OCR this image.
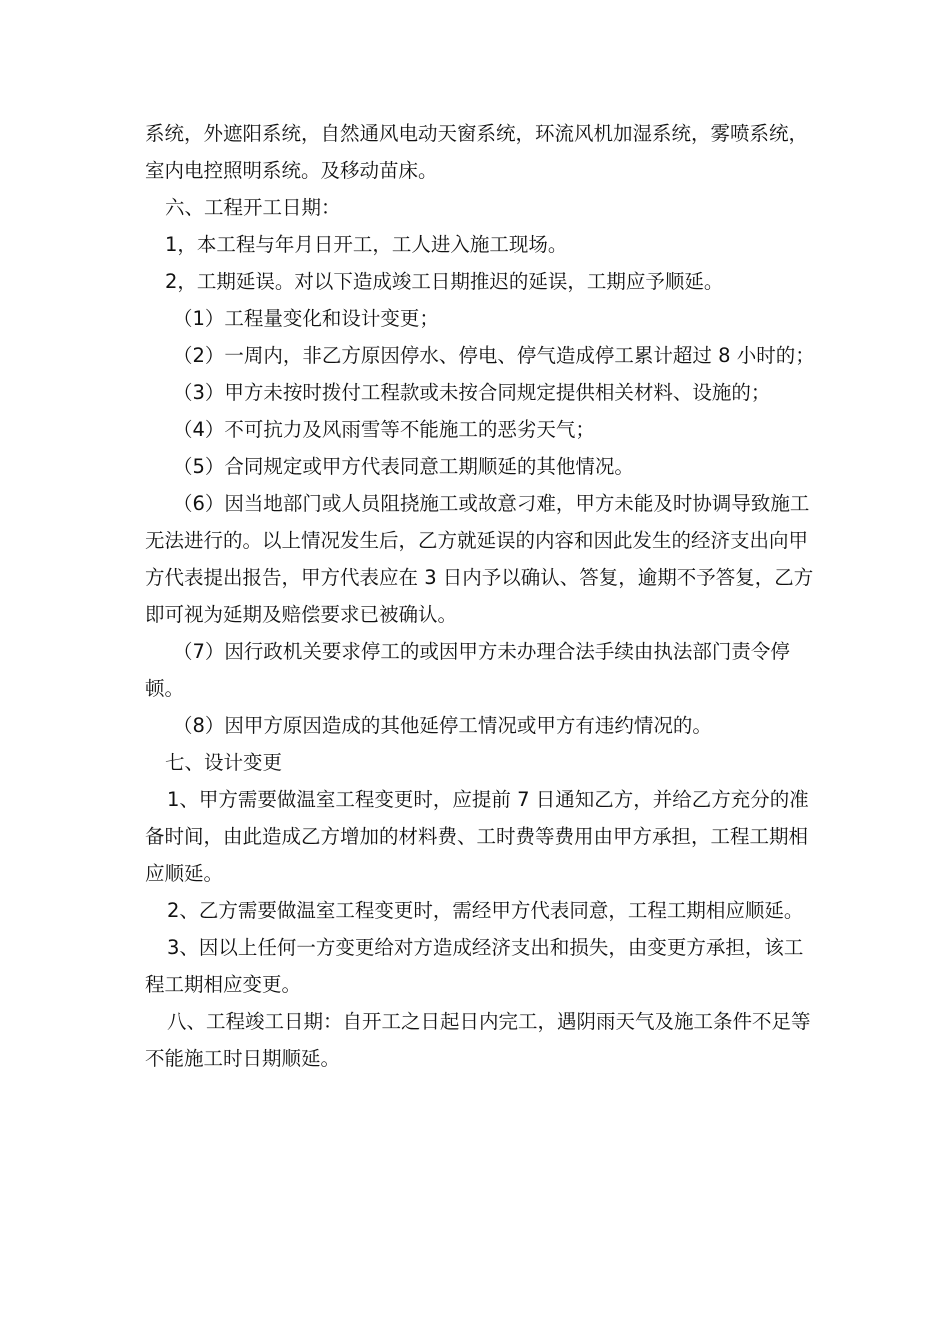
系统，外遮阳系统，自然通风电动天窗系统，环流风机加湿系统，雾喷系统，室内电控照明系统。及移动苗床。

六、工程开工日期：

1，本工程与年月日开工，工人进入施工现场。

2，工期延误。对以下造成竣工日期推迟的延误，工期应予顺延。

（1）工程量变化和设计变更；

（2）一周内，非乙方原因停水、停电、停气造成停工累计超过 8 小时的；

（3）甲方未按时拨付工程款或未按合同规定提供相关材料、设施的；

（4）不可抗力及风雨雪等不能施工的恶劣天气；

（5）合同规定或甲方代表同意工期顺延的其他情况。

（6）因当地部门或人员阻挠施工或故意刁难，甲方未能及时协调导致施工无法进行的。以上情况发生后，乙方就延误的内容和因此发生的经济支出向甲方代表提出报告，甲方代表应在 3 日内予以确认、答复，逾期不予答复，乙方即可视为延期及赔偿要求已被确认。

（7）因行政机关要求停工的或因甲方未办理合法手续由执法部门责令停顿。

（8）因甲方原因造成的其他延停工情况或甲方有违约情况的。

七、设计变更

1、甲方需要做温室工程变更时，应提前 7 日通知乙方，并给乙方充分的准备时间，由此造成乙方增加的材料费、工时费等费用由甲方承担，工程工期相应顺延。

2、乙方需要做温室工程变更时，需经甲方代表同意，工程工期相应顺延。

3、因以上任何一方变更给对方造成经济支出和损失，由变更方承担，该工程工期相应变更。

八、工程竣工日期：自开工之日起日内完工，遇阴雨天气及施工条件不足等不能施工时日期顺延。
